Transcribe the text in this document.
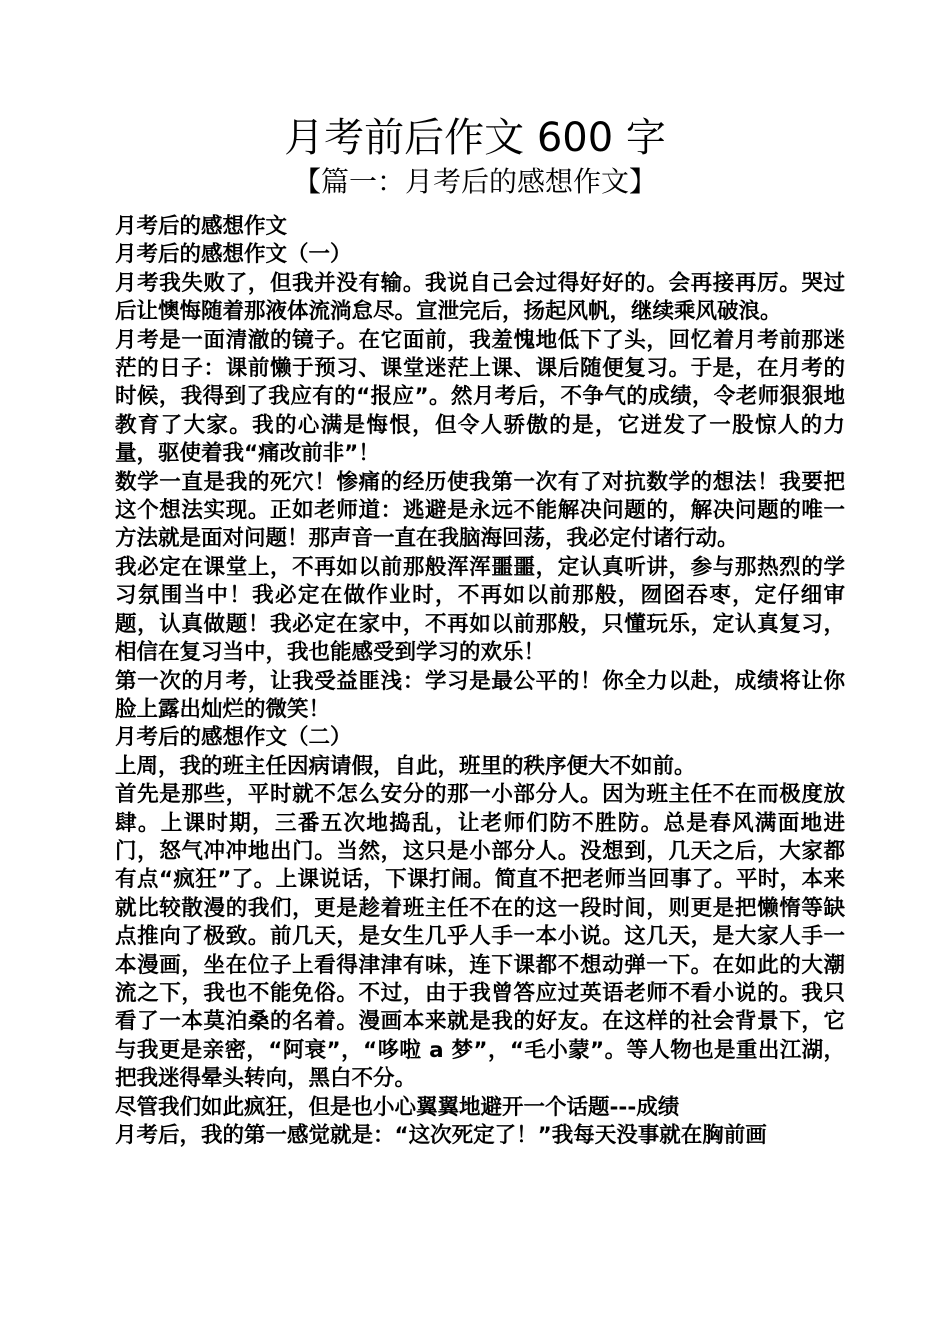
月考前后作文 600 字
【篇一：月考后的感想作文】

月考后的感想作文

月考后的感想作文（一）

月考我失败了，但我并没有输。我说自己会过得好好的。会再接再厉。哭过后让懊悔随着那液体流淌怠尽。宣泄完后，扬起风帆，继续乘风破浪。

月考是一面清澈的镜子。在它面前，我羞愧地低下了头，回忆着月考前那迷茫的日子：课前懒于预习、课堂迷茫上课、课后随便复习。于是，在月考的时候，我得到了我应有的“报应”。然月考后，不争气的成绩，令老师狠狠地教育了大家。我的心满是悔恨，但令人骄傲的是，它迸发了一股惊人的力量，驱使着我“痛改前非”！

数学一直是我的死穴！惨痛的经历使我第一次有了对抗数学的想法！我要把这个想法实现。正如老师道：逃避是永远不能解决问题的，解决问题的唯一方法就是面对问题！那声音一直在我脑海回荡，我必定付诸行动。

我必定在课堂上，不再如以前那般浑浑噩噩，定认真听讲，参与那热烈的学习氛围当中！我必定在做作业时，不再如以前那般，囫囵吞枣，定仔细审题，认真做题！我必定在家中，不再如以前那般，只懂玩乐，定认真复习，相信在复习当中，我也能感受到学习的欢乐！

第一次的月考，让我受益匪浅：学习是最公平的！你全力以赴，成绩将让你脸上露出灿烂的微笑！

月考后的感想作文（二）

上周，我的班主任因病请假，自此，班里的秩序便大不如前。

首先是那些，平时就不怎么安分的那一小部分人。因为班主任不在而极度放肆。上课时期，三番五次地捣乱，让老师们防不胜防。总是春风满面地进门，怒气冲冲地出门。当然，这只是小部分人。没想到，几天之后，大家都有点“疯狂”了。上课说话，下课打闹。简直不把老师当回事了。平时，本来就比较散漫的我们，更是趁着班主任不在的这一段时间，则更是把懒惰等缺点推向了极致。前几天，是女生几乎人手一本小说。这几天，是大家人手一本漫画，坐在位子上看得津津有味，连下课都不想动弹一下。在如此的大潮流之下，我也不能免俗。不过，由于我曾答应过英语老师不看小说的。我只看了一本莫泊桑的名着。漫画本来就是我的好友。在这样的社会背景下，它与我更是亲密，“阿衰”，“哆啦 a 梦”，“毛小蒙”。等人物也是重出江湖，把我迷得晕头转向，黑白不分。

尽管我们如此疯狂，但是也小心翼翼地避开一个话题---成绩

月考后，我的第一感觉就是：“这次死定了！”我每天没事就在胸前画
